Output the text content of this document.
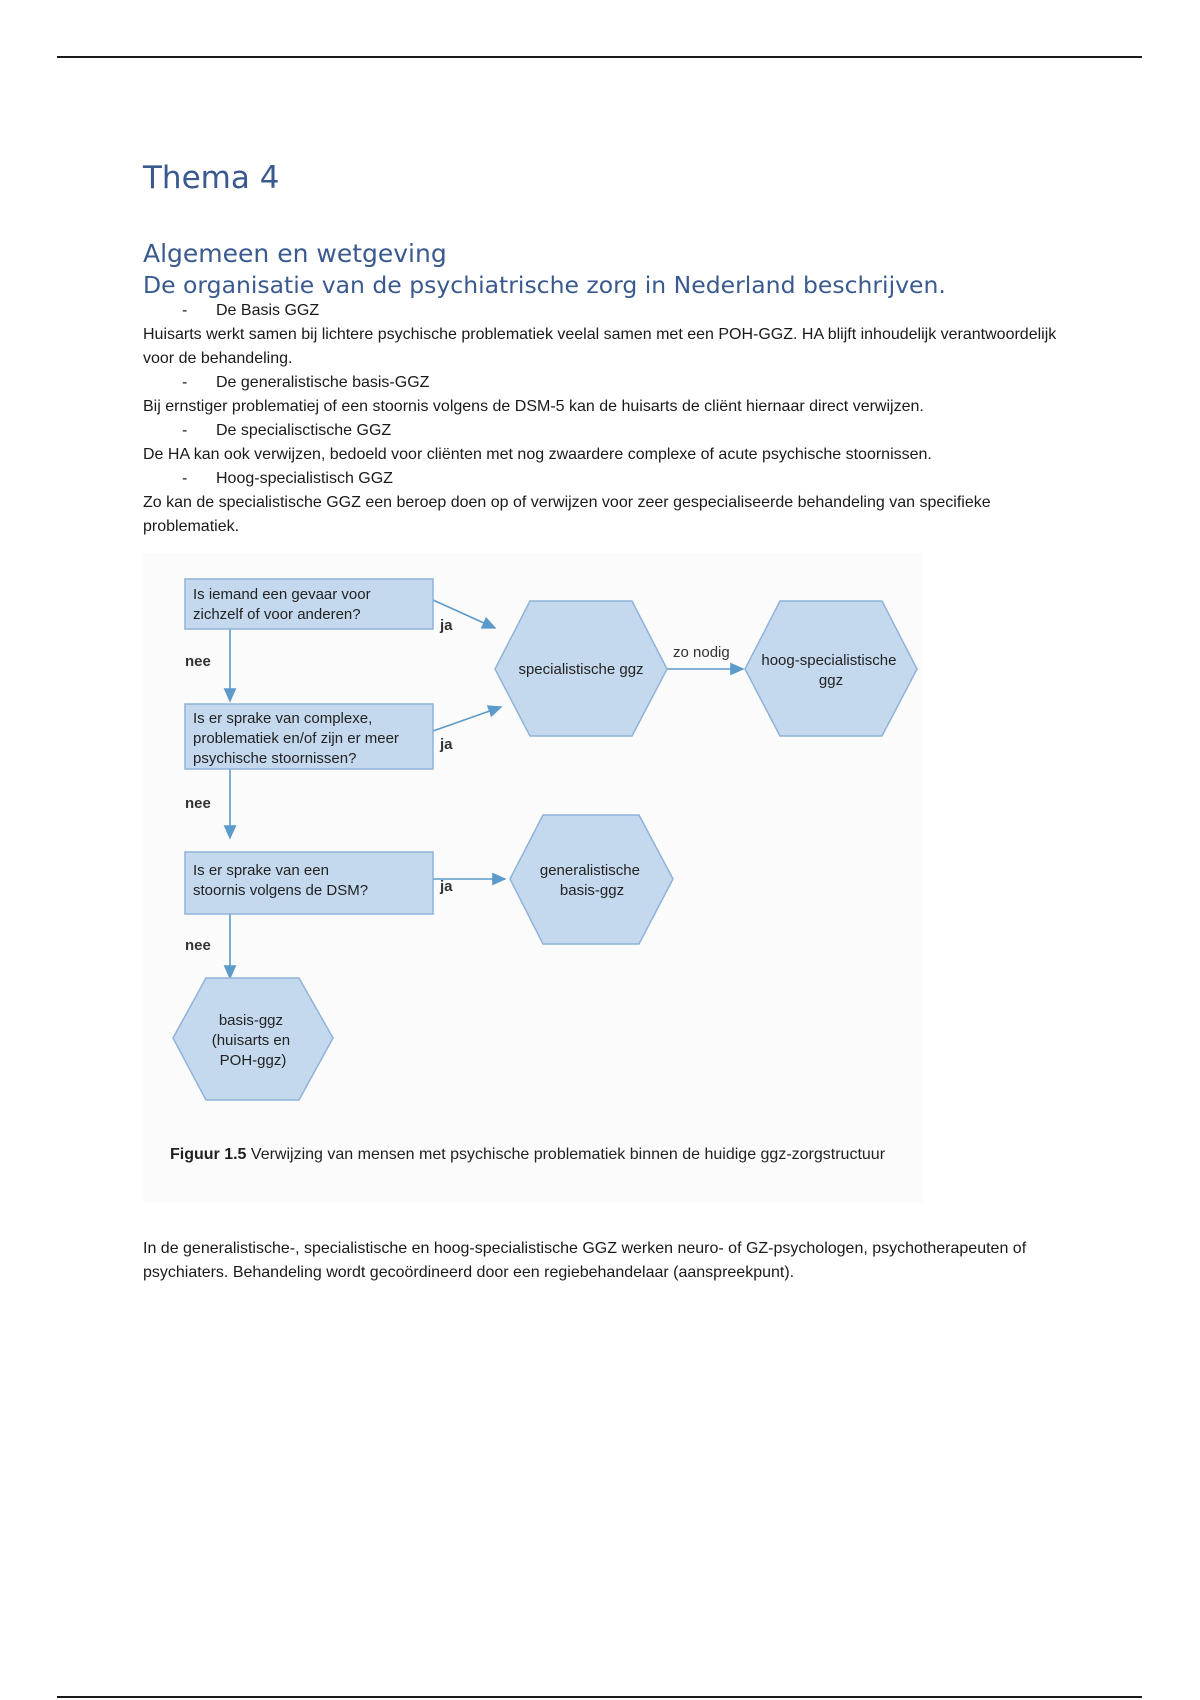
Thema 4
Algemeen en wetgeving
De organisatie van de psychiatrische zorg in Nederland beschrijven.
- De Basis GGZ

Huisarts werkt samen bij lichtere psychische problematiek veelal samen met een POH-GGZ. HA blijft inhoudelijk verantwoordelijk voor de behandeling.

- De generalistische basis-GGZ

Bij ernstiger problematiej of een stoornis volgens de DSM-5 kan de huisarts de cliënt hiernaar direct verwijzen.

- De specialisctische GGZ

De HA kan ook verwijzen, bedoeld voor cliënten met nog zwaardere complexe of acute psychische stoornissen.

- Hoog-specialistisch GGZ

Zo kan de specialistische GGZ een beroep doen op of verwijzen voor zeer gespecialiseerde behandeling van specifieke problematiek.

Is iemand een gevaar voor zichzelf of voor anderen?
Is er sprake van complexe, problematiek en/of zijn er meer psychische stoornissen?
Is er sprake van een stoornis volgens de DSM?
specialistische ggz
hoog-specialistische ggz
generalistische basis-ggz
basis-ggz (huisarts en POH-ggz)
nee
nee
nee
ja
ja
ja
zo nodig
Figuur 1.5 Verwijzing van mensen met psychische problematiek binnen de huidige ggz-zorgstructuur

In de generalistische-, specialistische en hoog-specialistische GGZ werken neuro- of GZ-psychologen, psychotherapeuten of psychiaters. Behandeling wordt gecoördineerd door een regiebehandelaar (aanspreekpunt).
